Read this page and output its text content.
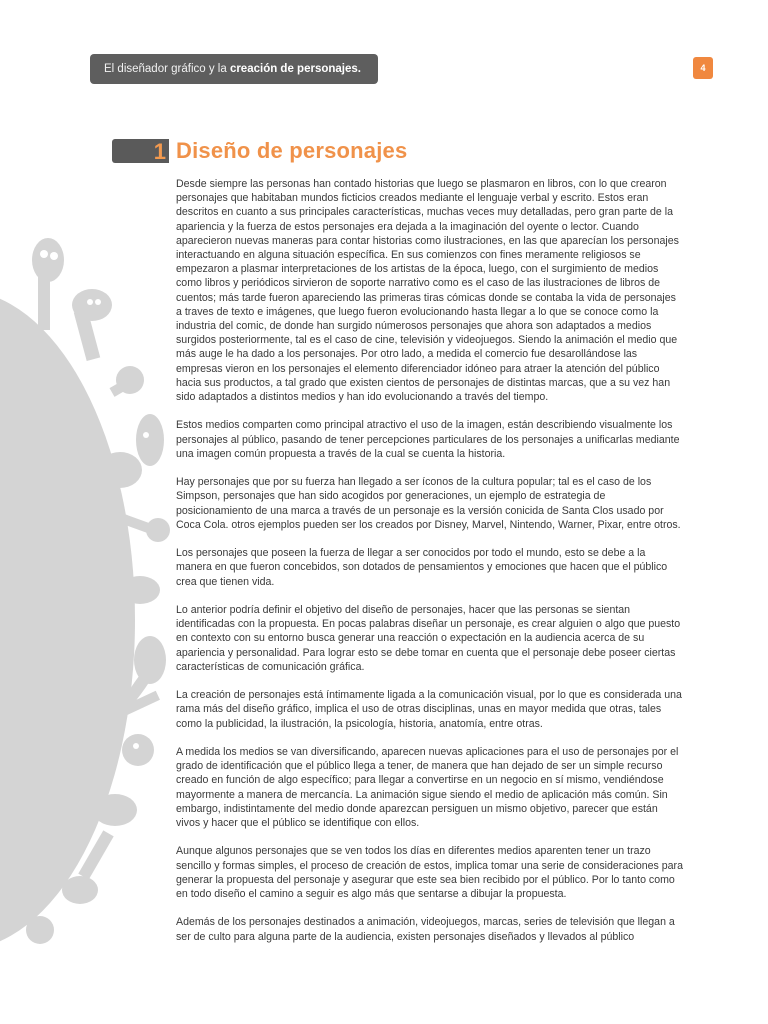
El diseñador gráfico y la creación de personajes.	4
1 Diseño de personajes

Desde siempre las personas han contado historias que luego se plasmaron en libros, con lo que crearon personajes que habitaban mundos ficticios creados mediante el lenguaje verbal y escrito. Estos eran descritos en cuanto a sus principales características, muchas veces muy detalladas, pero gran parte de la apariencia y la fuerza de estos personajes era dejada a la imaginación del oyente o lector. Cuando aparecieron nuevas maneras para contar historias como ilustraciones, en las que aparecían los personajes interactuando en alguna situación específica. En sus comienzos con fines meramente religiosos se empezaron a plasmar interpretaciones de los artistas de la época, luego, con el surgimiento de medios como libros y periódicos sirvieron de soporte narrativo como es el caso de las ilustraciones de libros de cuentos; más tarde fueron apareciendo las primeras tiras cómicas donde se contaba la vida de personajes a traves de texto e imágenes, que luego fueron evolucionando hasta llegar a lo que se conoce como la industria del comic, de donde han surgido númerosos personajes que ahora son adaptados a medios surgidos posteriormente, tal es el caso de cine, televisión y videojuegos. Siendo la animación el medio que más auge le ha dado a los personajes. Por otro lado, a medida el comercio fue desarollándose las empresas vieron en los personajes el elemento diferenciador idóneo para atraer la atención del público hacia sus productos, a tal grado que existen cientos de personajes de distintas marcas, que a su vez han sido adaptados a distintos medios y han ido evolucionando a través del tiempo.

Estos medios comparten como principal atractivo el uso de la imagen, están describiendo visualmente los personajes al público, pasando de tener percepciones particulares de los personajes a unificarlas mediante una imagen común propuesta a través de la cual se cuenta la historia.

Hay personajes que por su fuerza han llegado a ser íconos de la cultura popular; tal es el caso de los Simpson, personajes que han sido acogidos por generaciones, un ejemplo de estrategia de posicionamiento de una marca a través de un personaje es la versión conicida de Santa Clos usado por Coca Cola. otros ejemplos pueden ser los creados por Disney, Marvel, Nintendo, Warner, Pixar, entre otros.

Los personajes que poseen la fuerza de llegar a ser conocidos por todo el mundo, esto se debe a la manera en que fueron concebidos, son dotados de pensamientos y emociones que hacen que el público crea que tienen vida.

Lo anterior podría definir el objetivo del diseño de personajes, hacer que las personas se sientan identificadas con la propuesta. En pocas palabras diseñar un personaje, es crear alguien o algo que puesto en contexto con su entorno busca generar una reacción o expectación en la audiencia acerca de su apariencia y personalidad. Para lograr esto se debe tomar en cuenta que el personaje debe poseer ciertas características de comunicación gráfica.

La creación de personajes está íntimamente ligada a la comunicación visual, por lo que es considerada una rama más del diseño gráfico, implica el uso de otras disciplinas, unas en mayor medida que otras, tales como la publicidad, la ilustración, la psicología, historia, anatomía, entre otras.

A medida los medios se van diversificando, aparecen nuevas aplicaciones para el uso de personajes por el grado de identificación que el público llega a tener, de manera que han dejado de ser un simple recurso creado en función de algo específico; para llegar a convertirse en un negocio en sí mismo, vendiéndose mayormente a manera de mercancía. La animación sigue siendo el medio de aplicación más común. Sin embargo, indistintamente del medio donde aparezcan persiguen un mismo objetivo, parecer que están vivos y hacer que el público se identifique con ellos.

Aunque algunos personajes que se ven todos los días en diferentes medios aparenten tener un trazo sencillo y formas simples, el proceso de creación de estos, implica tomar una serie de consideraciones para generar la propuesta del personaje y asegurar que este sea bien recibido por el público. Por lo tanto como en todo diseño el camino a seguir es algo más que sentarse a dibujar la propuesta.

Además de los personajes destinados a animación, videojuegos, marcas, series de televisión que llegan a ser de culto para alguna parte de la audiencia, existen personajes diseñados y llevados al público
